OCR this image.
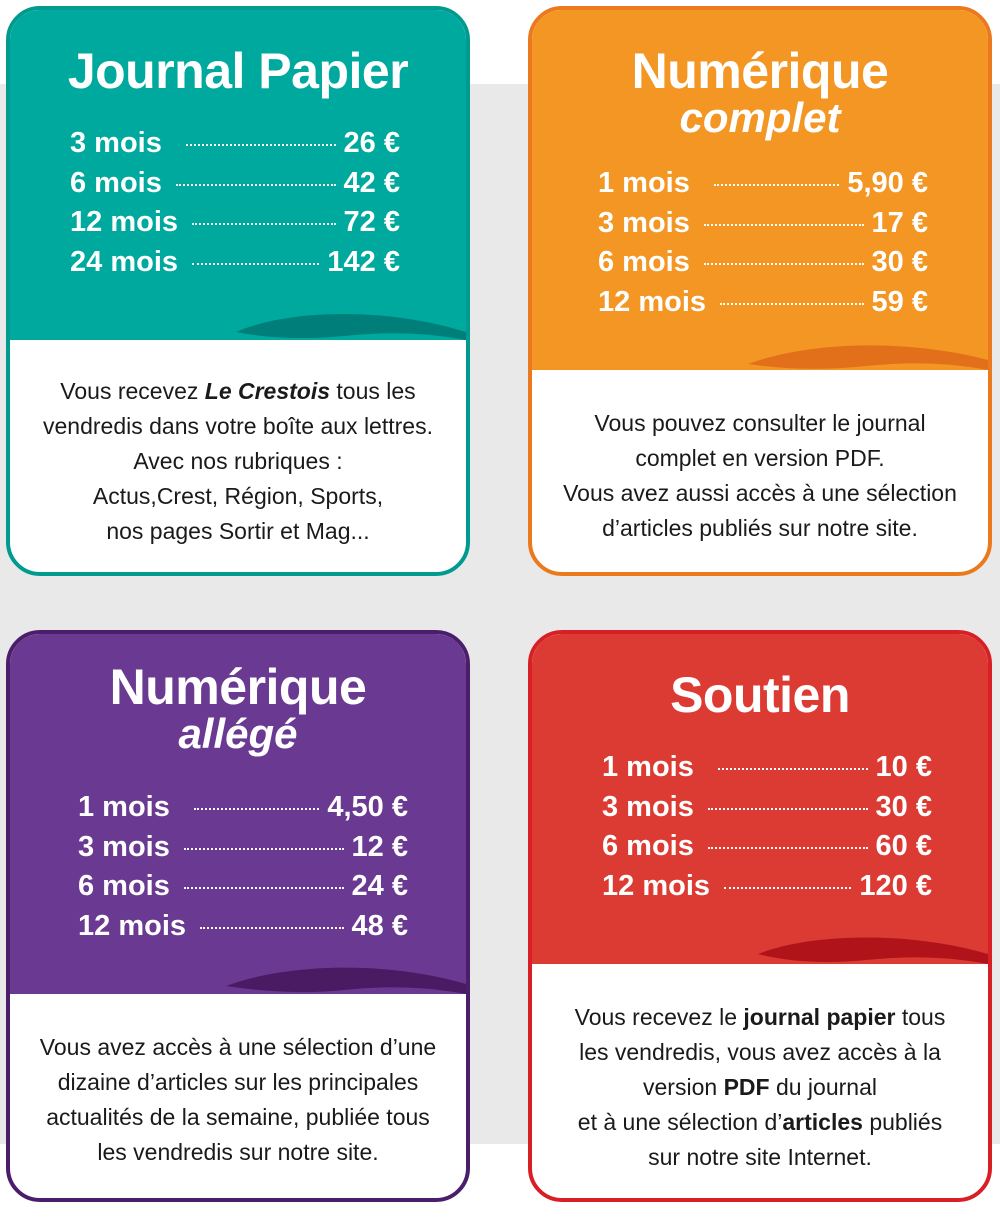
Journal Papier
3 mois	26 €
6 mois	42 €
12 mois	72 €
24 mois	142 €
Vous recevez Le Crestois tous les
vendredis dans votre boîte aux lettres.
Avec nos rubriques :
Actus,Crest, Région, Sports,
nos pages Sortir et Mag...
Numérique
complet
1 mois	5,90 €
3 mois	17 €
6 mois	30 €
12 mois	59 €
Vous pouvez consulter le journal
complet en version PDF.
Vous avez aussi accès à une sélection
d’articles publiés sur notre site.
Numérique
allégé
1 mois	4,50 €
3 mois	12 €
6 mois	24 €
12 mois	48 €
Vous avez accès à une sélection d’une
dizaine d’articles sur les principales
actualités de la semaine, publiée tous
les vendredis sur notre site.
Soutien
1 mois	10 €
3 mois	30 €
6 mois	60 €
12 mois	120 €
Vous recevez le journal papier tous
les vendredis, vous avez accès à la
version PDF du journal
et à une sélection d’articles publiés
sur notre site Internet.
